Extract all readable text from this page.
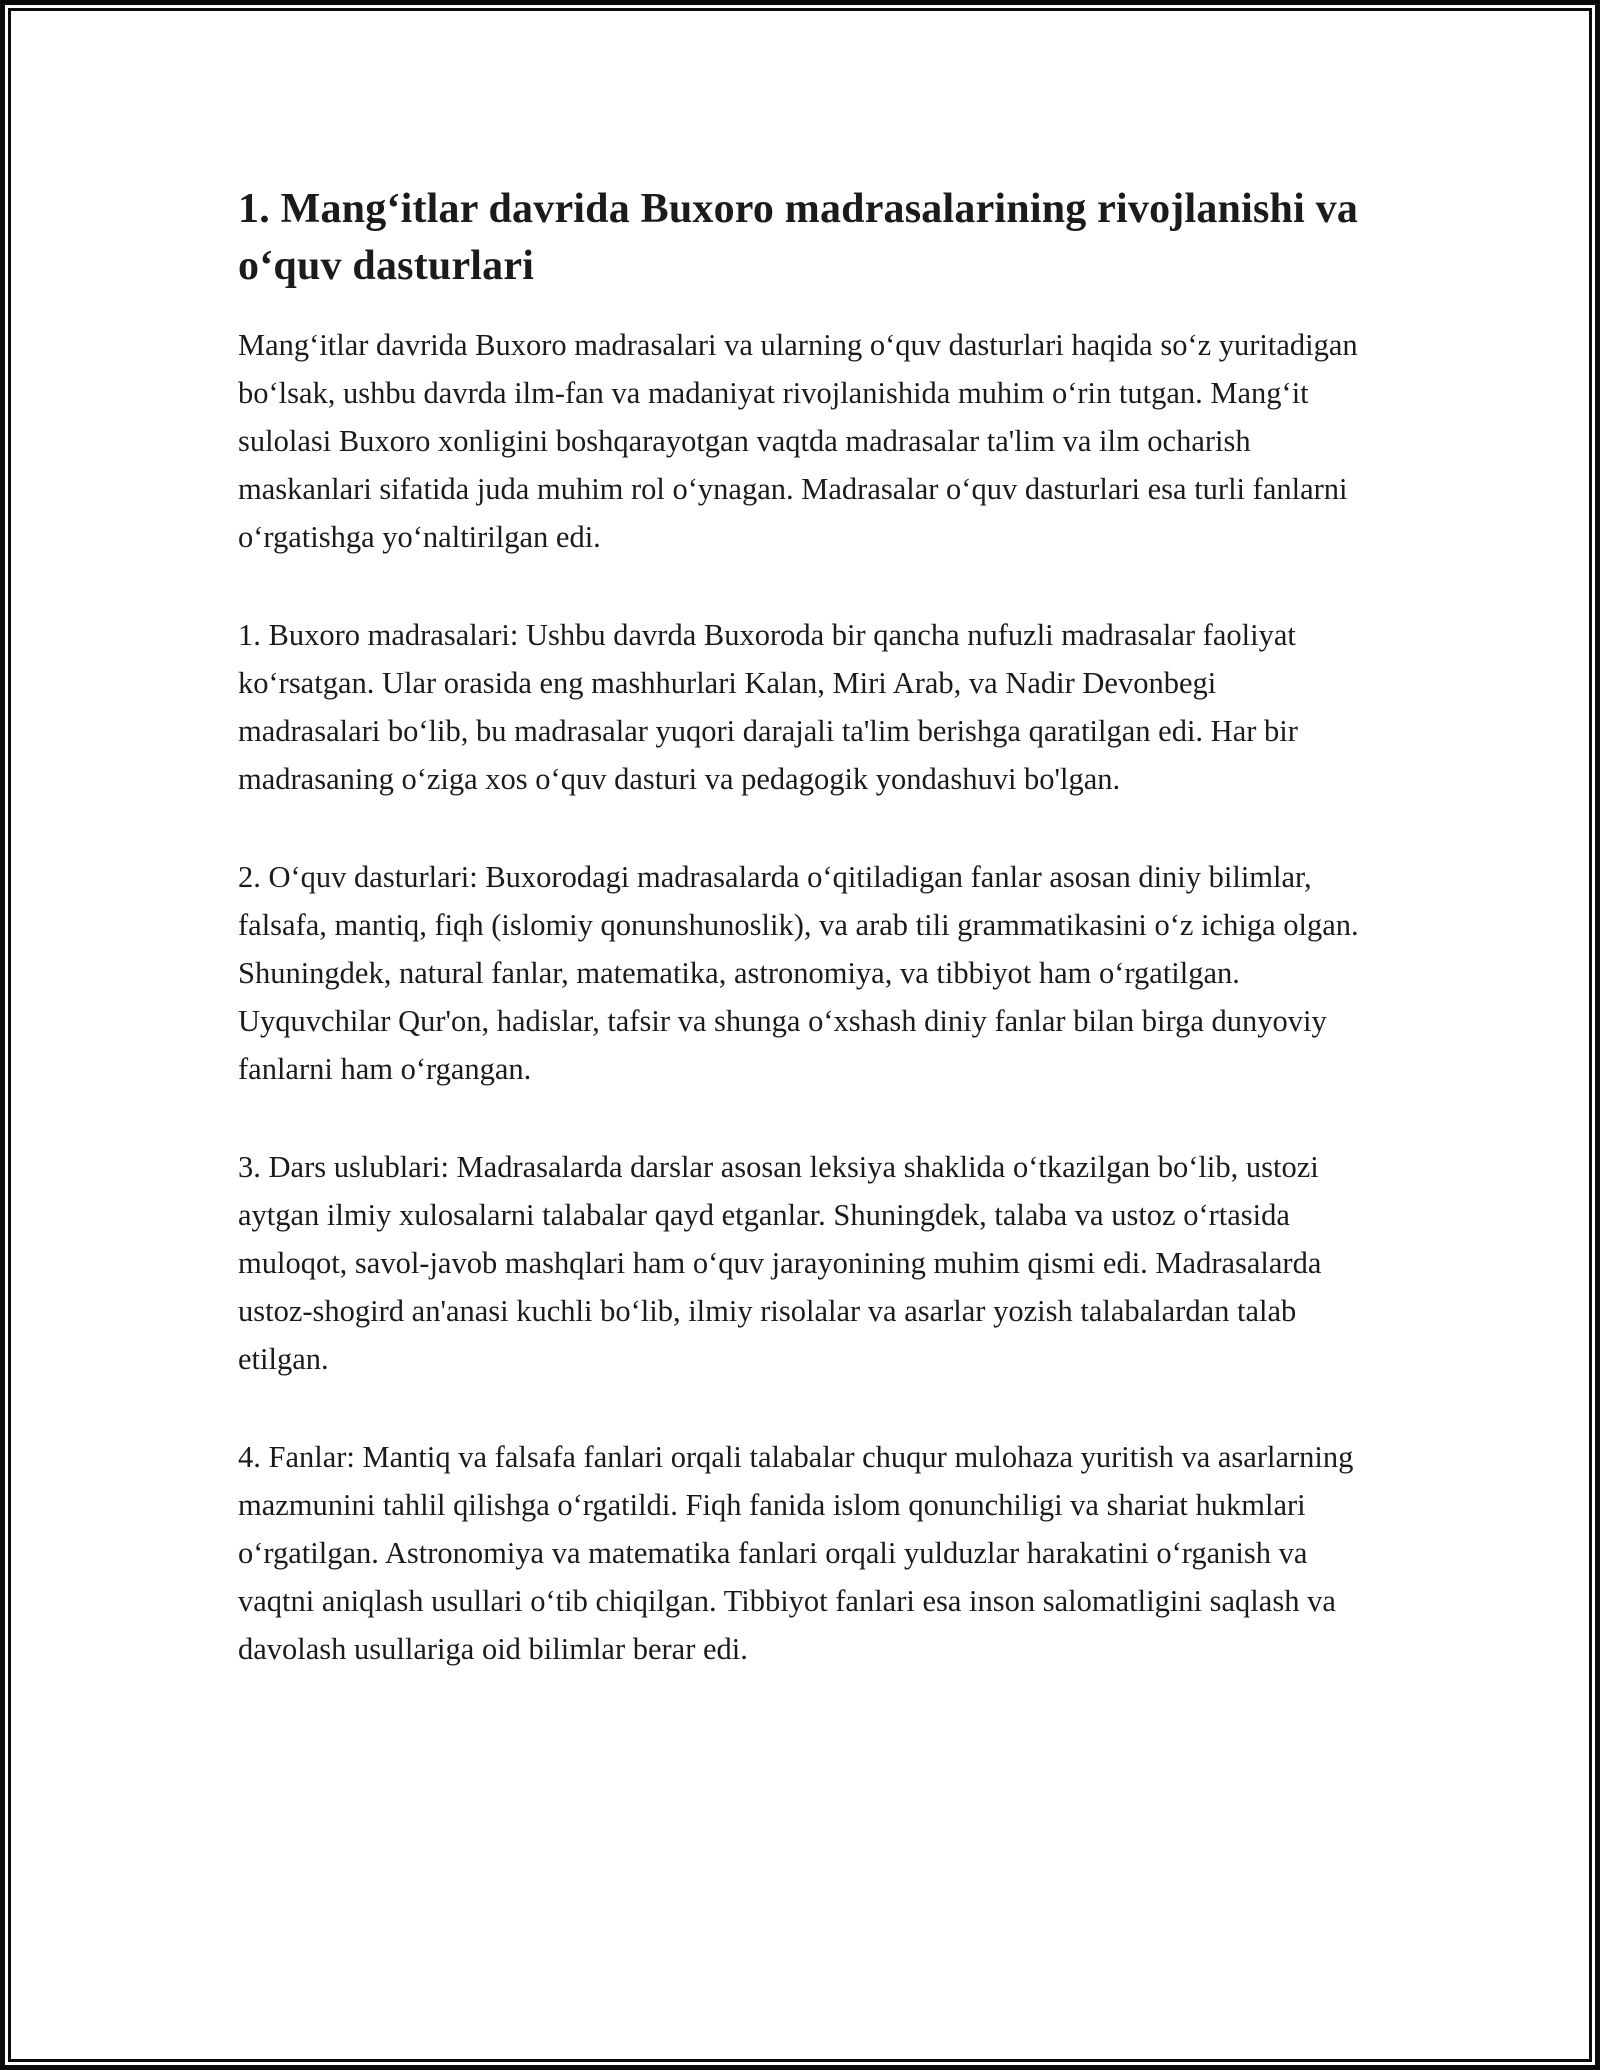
1. Mang‘itlar davrida Buxoro madrasalarining rivojlanishi va o‘quv dasturlari

Mang‘itlar davrida Buxoro madrasalari va ularning o‘quv dasturlari haqida so‘z yuritadigan bo‘lsak, ushbu davrda ilm-fan va madaniyat rivojlanishida muhim o‘rin tutgan. Mang‘it sulolasi Buxoro xonligini boshqarayotgan vaqtda madrasalar ta'lim va ilm ocharish maskanlari sifatida juda muhim rol o‘ynagan. Madrasalar o‘quv dasturlari esa turli fanlarni o‘rgatishga yo‘naltirilgan edi.

1. Buxoro madrasalari: Ushbu davrda Buxoroda bir qancha nufuzli madrasalar faoliyat ko‘rsatgan. Ular orasida eng mashhurlari Kalan, Miri Arab, va Nadir Devonbegi madrasalari bo‘lib, bu madrasalar yuqori darajali ta'lim berishga qaratilgan edi. Har bir madrasaning o‘ziga xos o‘quv dasturi va pedagogik yondashuvi bo'lgan.

2. O‘quv dasturlari: Buxorodagi madrasalarda o‘qitiladigan fanlar asosan diniy bilimlar, falsafa, mantiq, fiqh (islomiy qonunshunoslik), va arab tili grammatikasini o‘z ichiga olgan. Shuningdek, natural fanlar, matematika, astronomiya, va tibbiyot ham o‘rgatilgan. Uyquvchilar Qur'on, hadislar, tafsir va shunga o‘xshash diniy fanlar bilan birga dunyoviy fanlarni ham o‘rgangan.

3. Dars uslublari: Madrasalarda darslar asosan leksiya shaklida o‘tkazilgan bo‘lib, ustozi aytgan ilmiy xulosalarni talabalar qayd etganlar. Shuningdek, talaba va ustoz o‘rtasida muloqot, savol-javob mashqlari ham o‘quv jarayonining muhim qismi edi. Madrasalarda ustoz-shogird an'anasi kuchli bo‘lib, ilmiy risolalar va asarlar yozish talabalardan talab etilgan.

4. Fanlar: Mantiq va falsafa fanlari orqali talabalar chuqur mulohaza yuritish va asarlarning mazmunini tahlil qilishga o‘rgatildi. Fiqh fanida islom qonunchiligi va shariat hukmlari o‘rgatilgan. Astronomiya va matematika fanlari orqali yulduzlar harakatini o‘rganish va vaqtni aniqlash usullari o‘tib chiqilgan. Tibbiyot fanlari esa inson salomatligini saqlash va davolash usullariga oid bilimlar berar edi.
